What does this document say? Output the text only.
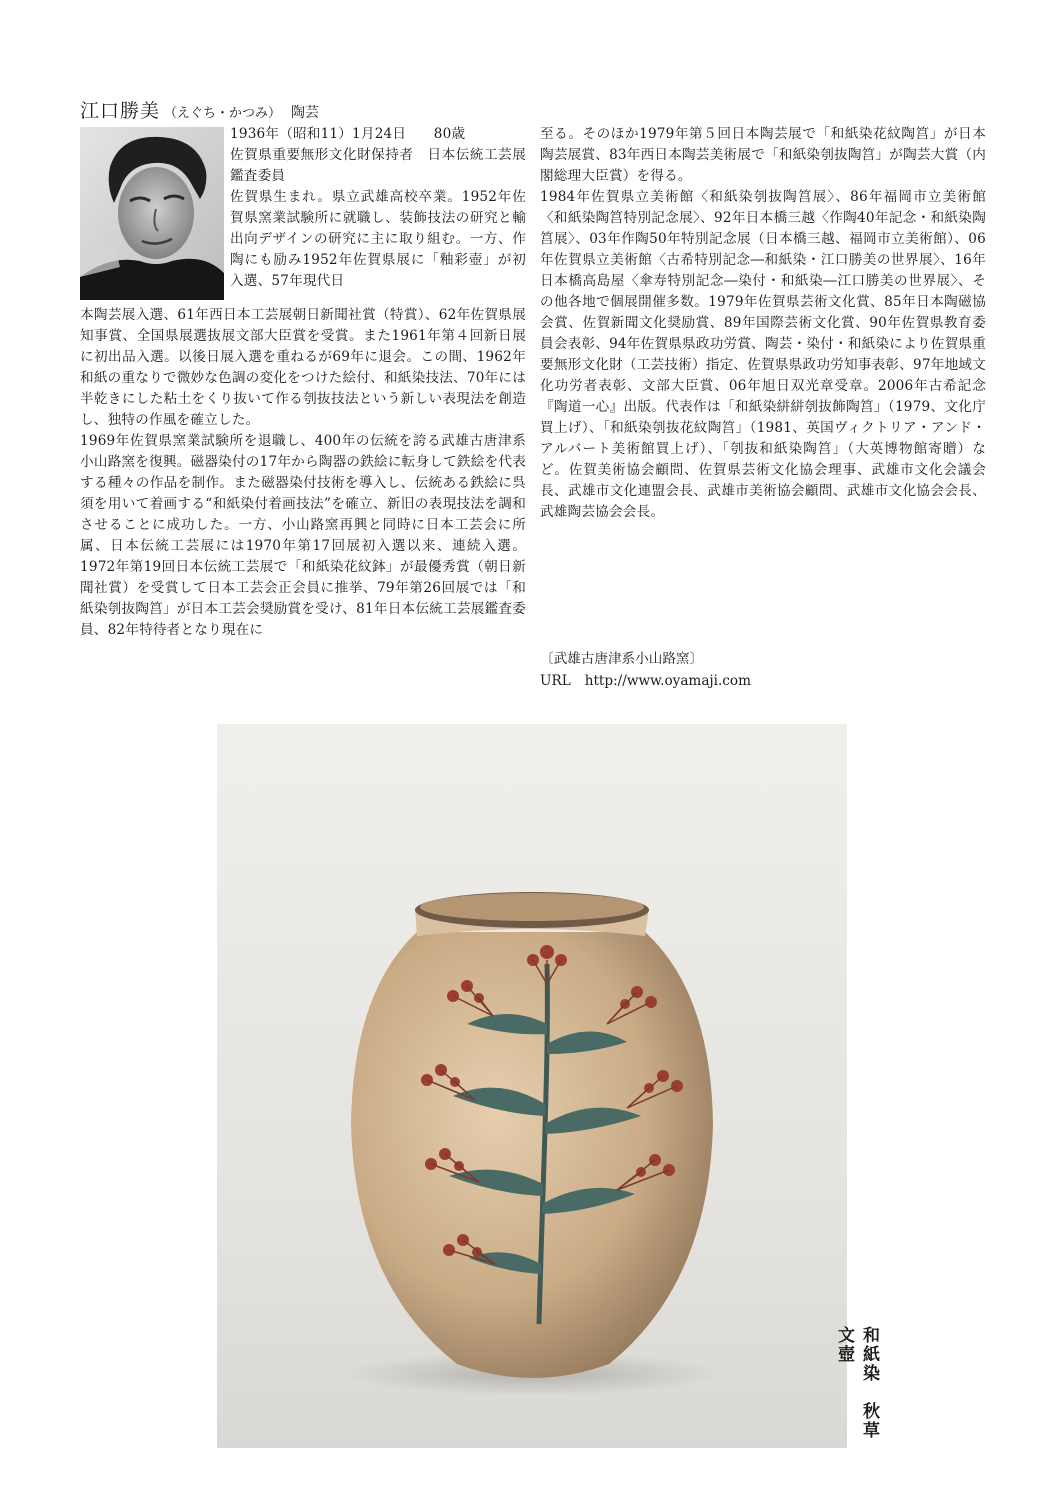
江口勝美 （えぐち・かつみ） 陶芸

1936年（昭和11）1月24日　　80歳

佐賀県重要無形文化財保持者　日本伝統工芸展鑑査委員

佐賀県生まれ。県立武雄高校卒業。1952年佐賀県窯業試験所に就職し、装飾技法の研究と輸出向デザインの研究に主に取り組む。一方、作陶にも励み1952年佐賀県展に「釉彩壺」が初入選、57年現代日

本陶芸展入選、61年西日本工芸展朝日新聞社賞（特賞）、62年佐賀県展知事賞、全国県展選抜展文部大臣賞を受賞。また1961年第４回新日展に初出品入選。以後日展入選を重ねるが69年に退会。この間、1962年和紙の重なりで微妙な色調の変化をつけた絵付、和紙染技法、70年には半乾きにした粘土をくり抜いて作る刳抜技法という新しい表現法を創造し、独特の作風を確立した。

1969年佐賀県窯業試験所を退職し、400年の伝統を誇る武雄古唐津系小山路窯を復興。磁器染付の17年から陶器の鉄絵に転身して鉄絵を代表する種々の作品を制作。また磁器染付技術を導入し、伝統ある鉄絵に呉須を用いて着画する“和紙染付着画技法”を確立、新旧の表現技法を調和させることに成功した。一方、小山路窯再興と同時に日本工芸会に所属、日本伝統工芸展には1970年第17回展初入選以来、連続入選。1972年第19回日本伝統工芸展で「和紙染花紋鉢」が最優秀賞（朝日新聞社賞）を受賞して日本工芸会正会員に推挙、79年第26回展では「和紙染刳抜陶筥」が日本工芸会奨励賞を受け、81年日本伝統工芸展鑑査委員、82年特待者となり現在に

至る。そのほか1979年第５回日本陶芸展で「和紙染花紋陶筥」が日本陶芸展賞、83年西日本陶芸美術展で「和紙染刳抜陶筥」が陶芸大賞（内閣総理大臣賞）を得る。

1984年佐賀県立美術館〈和紙染刳抜陶筥展〉、86年福岡市立美術館〈和紙染陶筥特別記念展〉、92年日本橋三越〈作陶40年記念・和紙染陶筥展〉、03年作陶50年特別記念展（日本橋三越、福岡市立美術館）、06年佐賀県立美術館〈古希特別記念―和紙染・江口勝美の世界展〉、16年日本橋高島屋〈傘寿特別記念―染付・和紙染―江口勝美の世界展〉、その他各地で個展開催多数。1979年佐賀県芸術文化賞、85年日本陶磁協会賞、佐賀新聞文化奨励賞、89年国際芸術文化賞、90年佐賀県教育委員会表彰、94年佐賀県県政功労賞、陶芸・染付・和紙染により佐賀県重要無形文化財（工芸技術）指定、佐賀県県政功労知事表彰、97年地域文化功労者表彰、文部大臣賞、06年旭日双光章受章。2006年古希記念『陶道一心』出版。代表作は「和紙染絣絣刳抜飾陶筥」（1979、文化庁買上げ）、「和紙染刳抜花紋陶筥」（1981、英国ヴィクトリア・アンド・アルバート美術館買上げ）、「刳抜和紙染陶筥」（大英博物館寄贈）など。佐賀美術協会顧問、佐賀県芸術文化協会理事、武雄市文化会議会長、武雄市文化連盟会長、武雄市美術協会顧問、武雄市文化協会会長、武雄陶芸協会会長。

〔武雄古唐津系小山路窯〕
URL http://www.oyamaji.com
和紙染　秋草文壺
